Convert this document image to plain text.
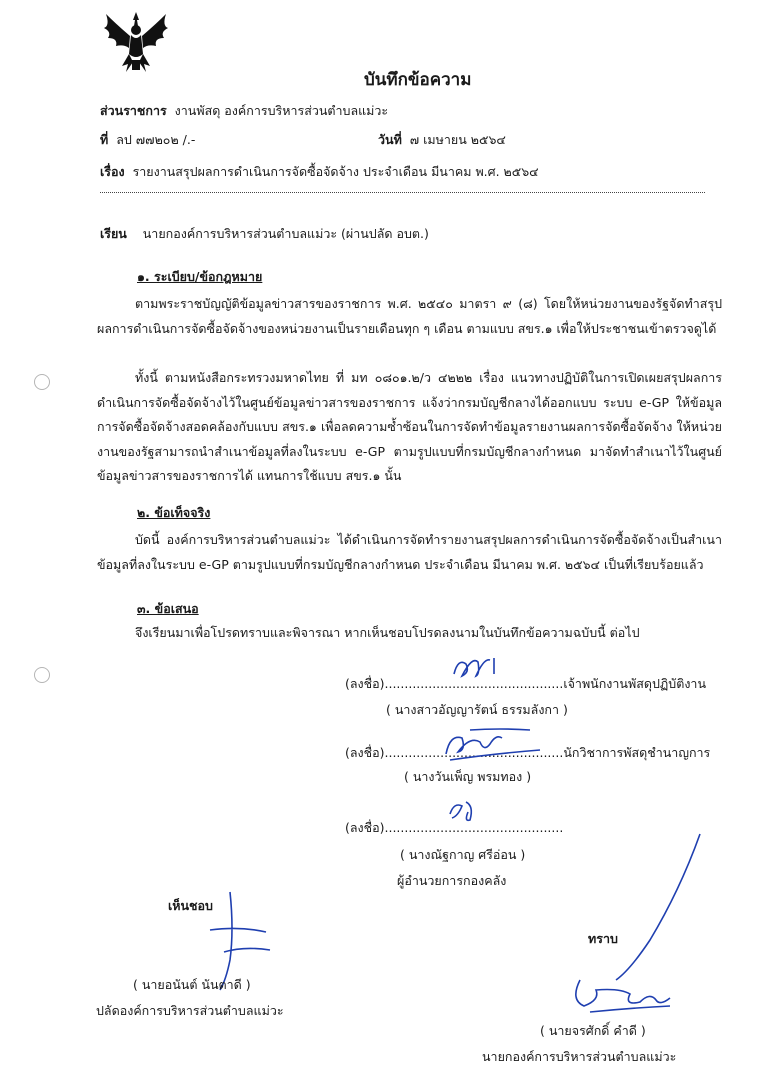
บันทึกข้อความ
ส่วนราชการ งานพัสดุ องค์การบริหารส่วนตำบลแม่วะ
ที่ ลป ๗๗๒๐๒ /.-	วันที่ ๗ เมษายน ๒๕๖๔
เรื่อง รายงานสรุปผลการดำเนินการจัดซื้อจัดจ้าง ประจำเดือน มีนาคม พ.ศ. ๒๕๖๔
เรียน นายกองค์การบริหารส่วนตำบลแม่วะ (ผ่านปลัด อบต.)
๑. ระเบียบ/ข้อกฎหมาย
ตามพระราชบัญญัติข้อมูลข่าวสารของราชการ พ.ศ. ๒๕๔๐ มาตรา ๙ (๘) โดยให้หน่วยงานของรัฐจัดทำสรุปผลการดำเนินการจัดซื้อจัดจ้างของหน่วยงานเป็นรายเดือนทุก ๆ เดือน ตามแบบ สขร.๑ เพื่อให้ประชาชนเข้าตรวจดูได้
ทั้งนี้ ตามหนังสือกระทรวงมหาดไทย ที่ มท ๐๘๐๑.๒/ว ๔๒๒๒ เรื่อง แนวทางปฏิบัติในการเปิดเผยสรุปผลการดำเนินการจัดซื้อจัดจ้างไว้ในศูนย์ข้อมูลข่าวสารของราชการ แจ้งว่ากรมบัญชีกลางได้ออกแบบ ระบบ e-GP ให้ข้อมูลการจัดซื้อจัดจ้างสอดคล้องกับแบบ สขร.๑ เพื่อลดความซ้ำซ้อนในการจัดทำข้อมูลรายงานผลการจัดซื้อจัดจ้าง ให้หน่วยงานของรัฐสามารถนำสำเนาข้อมูลที่ลงในระบบ e-GP ตามรูปแบบที่กรมบัญชีกลางกำหนด มาจัดทำสำเนาไว้ในศูนย์ข้อมูลข่าวสารของราชการได้ แทนการใช้แบบ สขร.๑ นั้น
๒. ข้อเท็จจริง
บัดนี้ องค์การบริหารส่วนตำบลแม่วะ ได้ดำเนินการจัดทำรายงานสรุปผลการดำเนินการจัดซื้อจัดจ้างเป็นสำเนาข้อมูลที่ลงในระบบ e-GP ตามรูปแบบที่กรมบัญชีกลางกำหนด ประจำเดือน มีนาคม พ.ศ. ๒๕๖๔ เป็นที่เรียบร้อยแล้ว
๓. ข้อเสนอ
จึงเรียนมาเพื่อโปรดทราบและพิจารณา หากเห็นชอบโปรดลงนามในบันทึกข้อความฉบับนี้ ต่อไป
(ลงชื่อ).............................................เจ้าพนักงานพัสดุปฏิบัติงาน
( นางสาวอัญญารัตน์ ธรรมลังกา )
(ลงชื่อ).............................................นักวิชาการพัสดุชำนาญการ
( นางวันเพ็ญ พรมทอง )
(ลงชื่อ).............................................
( นางณัฐกาญ ศรีอ่อน )
ผู้อำนวยการกองคลัง
เห็นชอบ
( นายอนันต์ นันตาดี )
ปลัดองค์การบริหารส่วนตำบลแม่วะ
ทราบ
( นายจรศักดิ์ คำดี )
นายกองค์การบริหารส่วนตำบลแม่วะ
